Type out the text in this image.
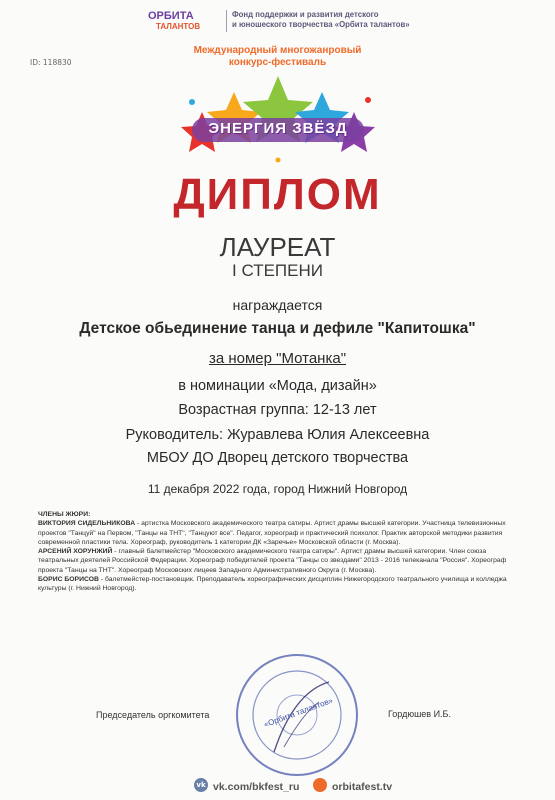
ОРБИТА
ТАЛАНТОВ
Фонд поддержки и развития детского
и юношеского творчества «Орбита талантов»
ID: 118830
Международный многожанровый
конкурс-фестиваль
ЭНЕРГИЯ ЗВЁЗД
ДИПЛОМ
ЛАУРЕАТ
I СТЕПЕНИ
награждается
Детское обьединение танца и дефиле "Капитошка"
за номер "Мотанка"
в номинации «Мода, дизайн»
Возрастная группа: 12-13 лет
Руководитель: Журавлева Юлия Алексеевна
МБОУ ДО Дворец детского творчества
11 декабря 2022 года, город Нижний Новгород

ЧЛЕНЫ ЖЮРИ:

ВИКТОРИЯ СИДЕЛЬНИКОВА - артистка Московского академического театра сатиры. Артист драмы высшей категории. Участница телевизионных проектов "Танцуй" на Первом, "Танцы на ТНТ", "Танцуют все". Педагог, хореограф и практический психолог. Практик авторской методики развития современной пластики тела. Хореограф, руководитель 1 категории ДК «Заречье» Московской области (г. Москва).

АРСЕНИЙ ХОРУНЖИЙ - главный балетмейстер "Московского академического театра сатиры". Артист драмы высшей категории. Член союза театральных деятелей Российской Федерации. Хореограф победителей проекта "Танцы со звездами" 2013 - 2016 телеканала "Россия". Хореограф проекта "Танцы на ТНТ". Хореограф Московских лицеев Западного Административного Округа (г. Москва).

БОРИС БОРИСОВ - балетмейстер-постановщик. Преподаватель хореографических дисциплин Нижегородского театрального училища и колледжа культуры (г. Нижний Новгород).

Председатель оргкомитета	Гордюшев И.Б.
«Орбита талантов»
vk vk.com/bkfest_ru	orbitafest.tv
